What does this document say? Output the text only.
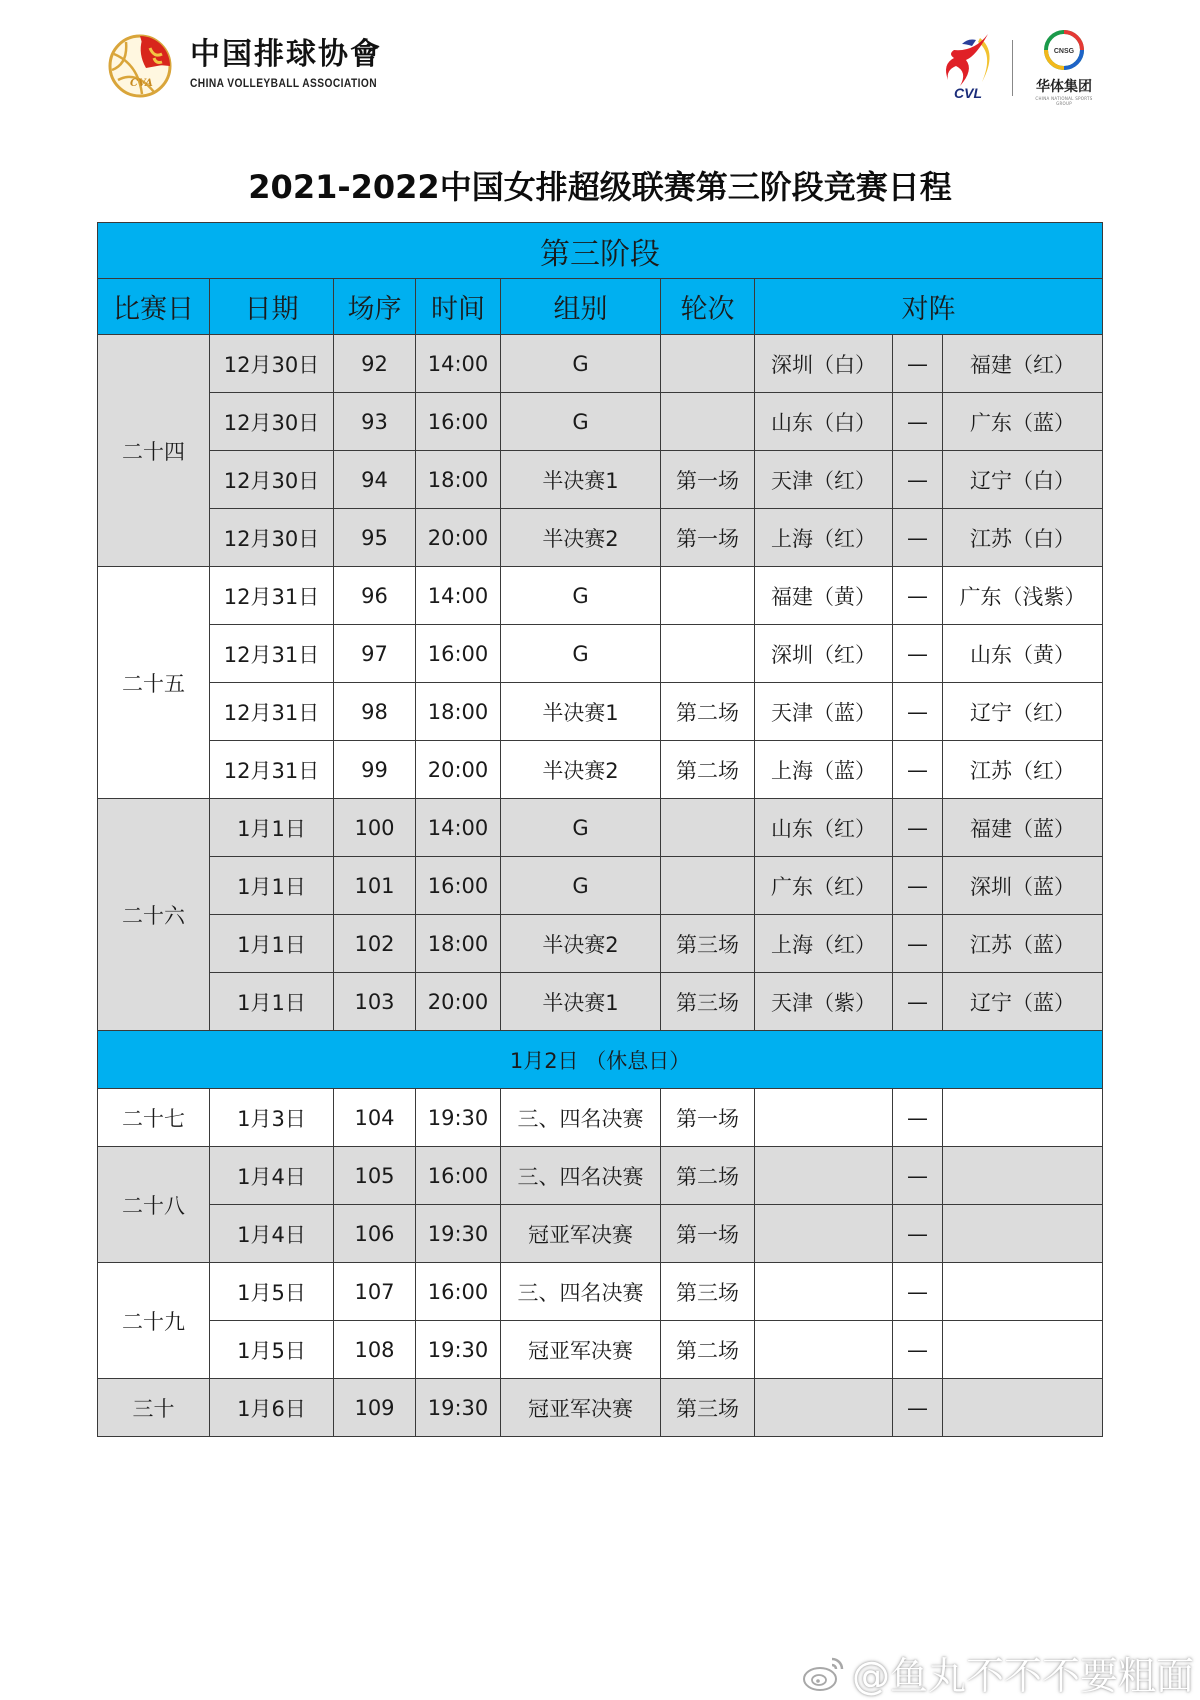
CVA
中国排球协會
CHINA VOLLEYBALL ASSOCIATION
CVL
CNSG
华体集团
CHINA NATIONAL SPORTS GROUP
2021-2022中国女排超级联赛第三阶段竞赛日程
第三阶段								
比赛日	日期	场序	时间	组别	轮次	对阵		
二十四	12月30日	92	14:00	G		深圳（白）	—	福建（红）
	12月30日	93	16:00	G		山东（白）	—	广东（蓝）
	12月30日	94	18:00	半决赛1	第一场	天津（红）	—	辽宁（白）
	12月30日	95	20:00	半决赛2	第一场	上海（红）	—	江苏（白）
二十五	12月31日	96	14:00	G		福建（黄）	—	广东（浅紫）
	12月31日	97	16:00	G		深圳（红）	—	山东（黄）
	12月31日	98	18:00	半决赛1	第二场	天津（蓝）	—	辽宁（红）
	12月31日	99	20:00	半决赛2	第二场	上海（蓝）	—	江苏（红）
二十六	1月1日	100	14:00	G		山东（红）	—	福建（蓝）
	1月1日	101	16:00	G		广东（红）	—	深圳（蓝）
	1月1日	102	18:00	半决赛2	第三场	上海（红）	—	江苏（蓝）
	1月1日	103	20:00	半决赛1	第三场	天津（紫）	—	辽宁（蓝）
1月2日 （休息日）								
二十七	1月3日	104	19:30	三、四名决赛	第一场		—	
二十八	1月4日	105	16:00	三、四名决赛	第二场		—	
	1月4日	106	19:30	冠亚军决赛	第一场		—	
二十九	1月5日	107	16:00	三、四名决赛	第三场		—	
	1月5日	108	19:30	冠亚军决赛	第二场		—	
三十	1月6日	109	19:30	冠亚军决赛	第三场		—	
@鱼丸不不不要粗面
